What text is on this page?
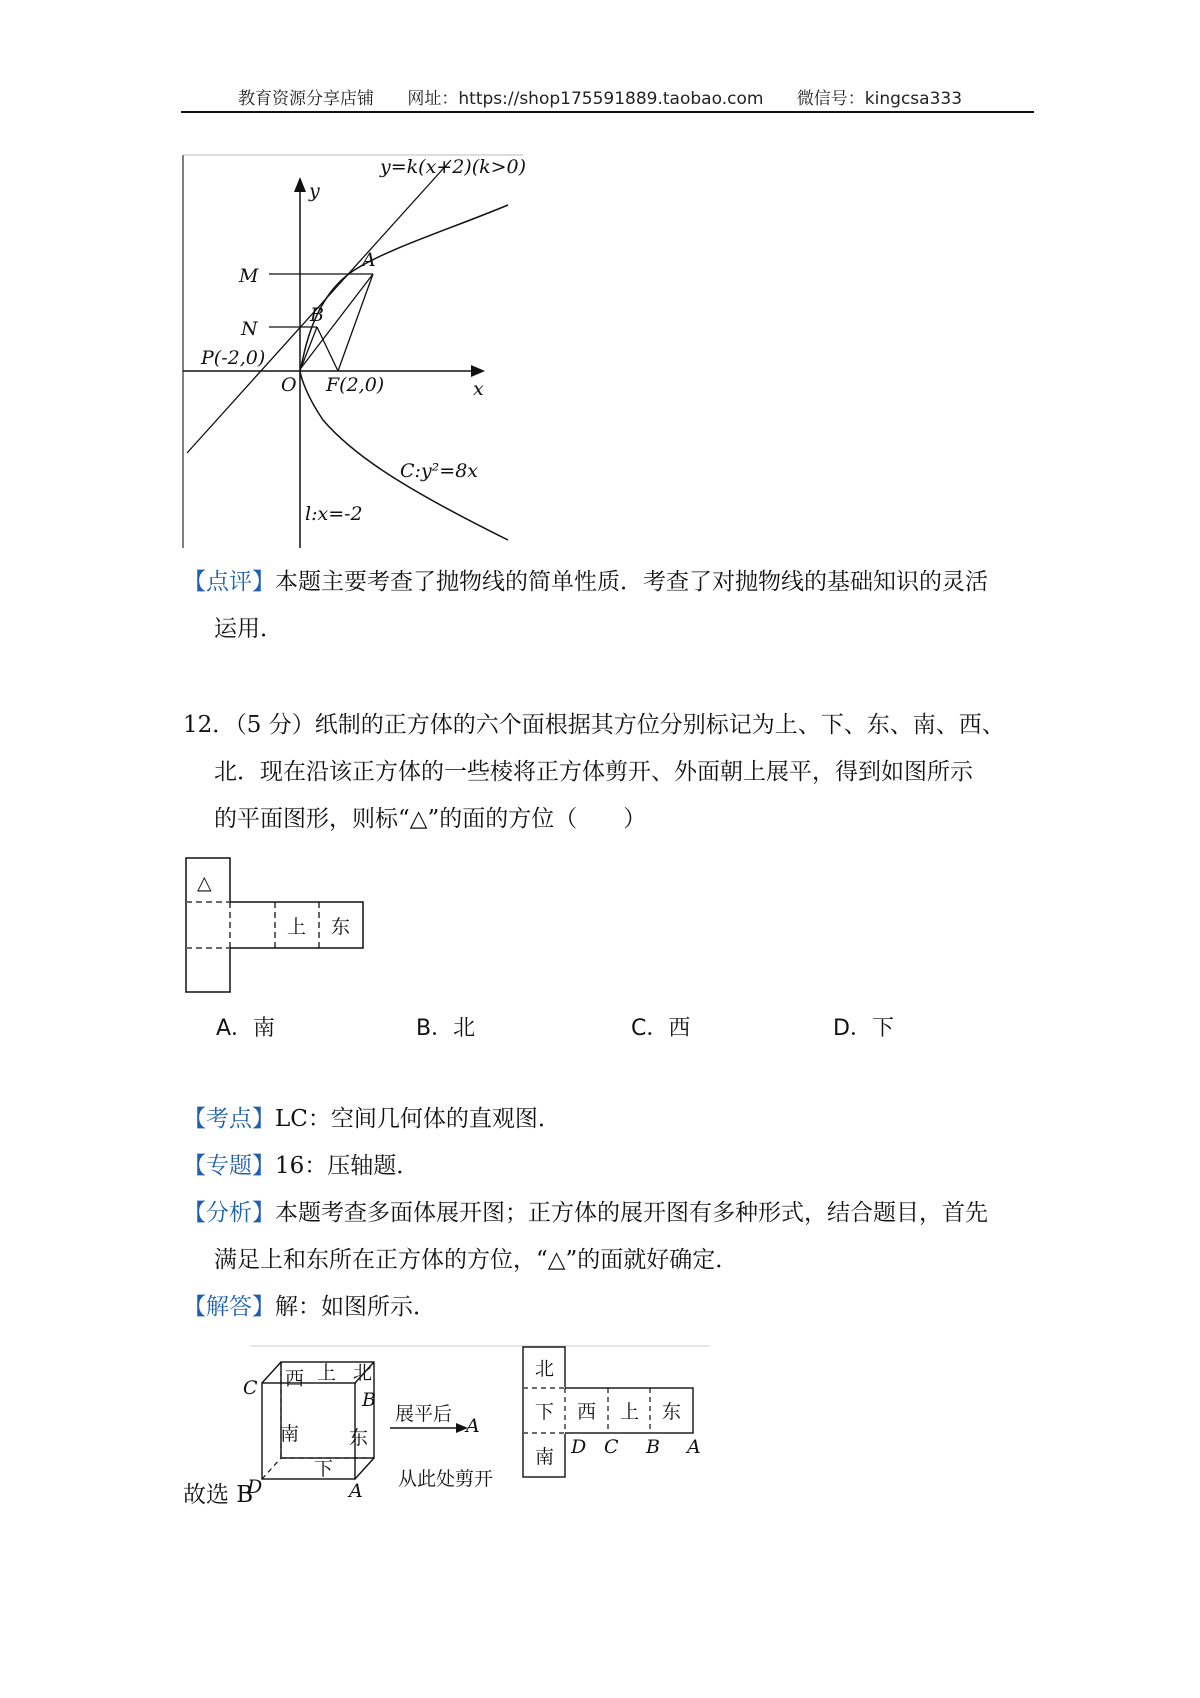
教育资源分享店铺 网址：https://shop175591889.taobao.com 微信号：kingcsa333
y=k(x+2)(k>0)
y
x
M
N
A
B
P(-2,0)
O F(2,0)
C:y²=8x
l:x=-2
【点评】本题主要考查了抛物线的简单性质．考查了对抛物线的基础知识的灵活
运用．
12．（5 分）纸制的正方体的六个面根据其方位分别标记为上、下、东、南、西、
北．现在沿该正方体的一些棱将正方体剪开、外面朝上展平，得到如图所示
的平面图形，则标“△”的面的方位（　　）
△
上 东
A．南	B．北	C．西	D．下
【考点】LC：空间几何体的直观图．
【专题】16：压轴题．
【分析】本题考查多面体展开图；正方体的展开图有多种形式，结合题目，首先
满足上和东所在正方体的方位，“△”的面就好确定．
【解答】解：如图所示．
西 上 北
南	东
下
C
B
D	A
展平后
A
从此处剪开
北
下 西 上 东
南 D C B A
故选 B
